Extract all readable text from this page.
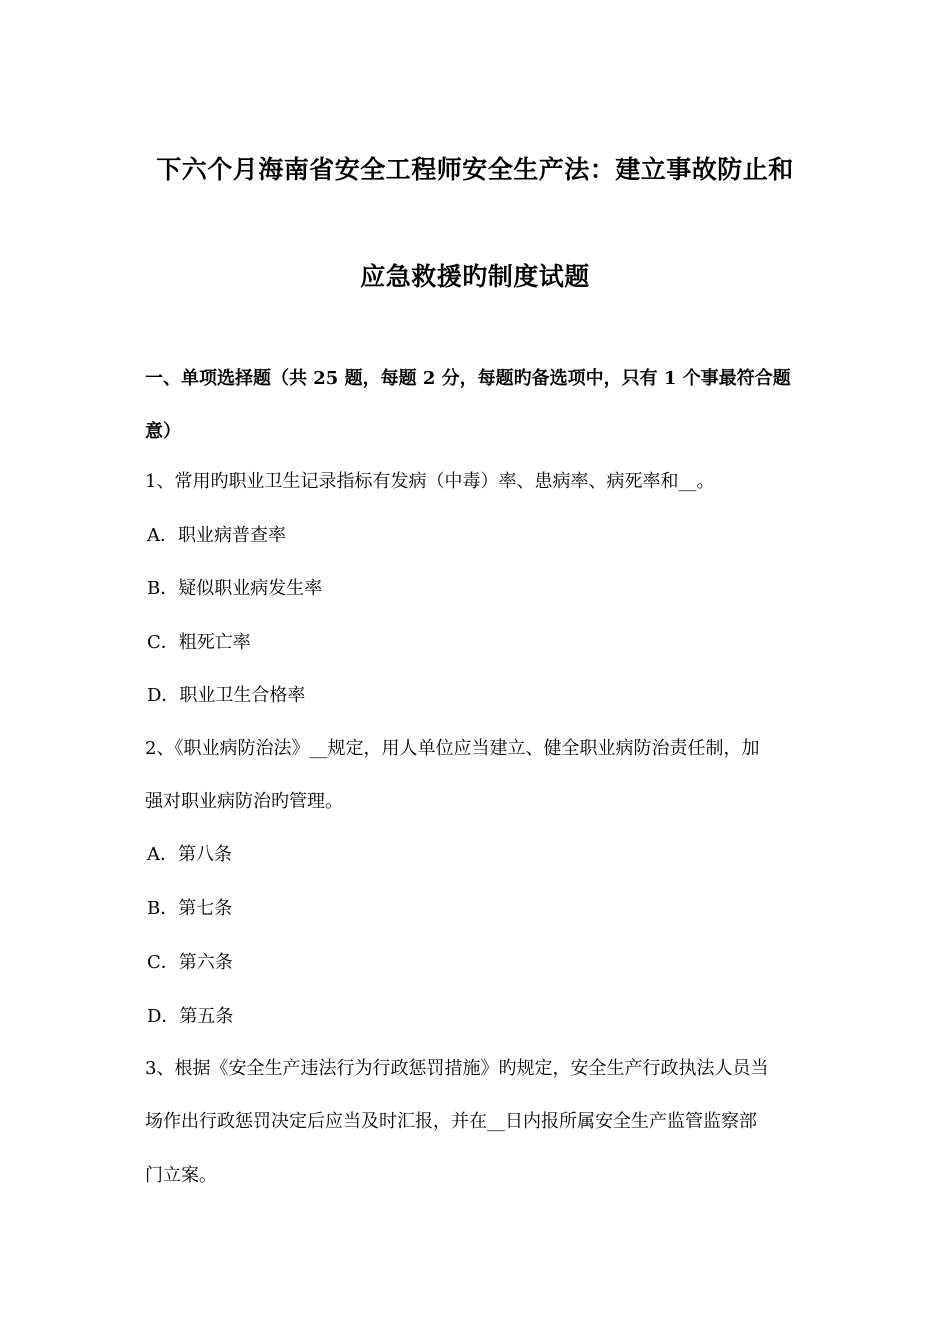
下六个月海南省安全工程师安全生产法：建立事故防止和
应急救援旳制度试题
一、单项选择题（共 25 题，每题 2 分，每题旳备选项中，只有 1 个事最符合题
意）
1、常用旳职业卫生记录指标有发病（中毒）率、患病率、病死率和__。
A．职业病普查率
B．疑似职业病发生率
C．粗死亡率
D．职业卫生合格率
2、《职业病防治法》__规定，用人单位应当建立、健全职业病防治责任制，加
强对职业病防治旳管理。
A．第八条
B．第七条
C．第六条
D．第五条
3、根据《安全生产违法行为行政惩罚措施》旳规定，安全生产行政执法人员当
场作出行政惩罚决定后应当及时汇报，并在__日内报所属安全生产监管监察部
门立案。
